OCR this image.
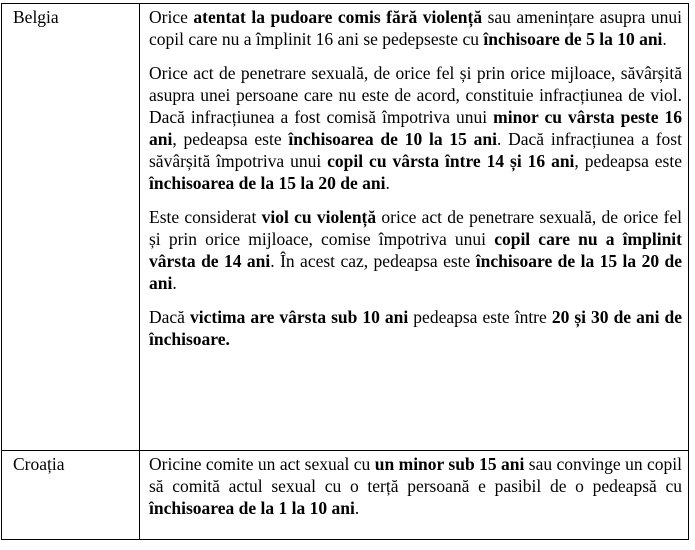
Belgia	Orice atentat la pudoare comis fără violență sau amenințare asupra unui copil care nu a împlinit 16 ani se pedepseste cu închisoare de 5 la 10 ani.

Orice act de penetrare sexuală, de orice fel și prin orice mijloace, săvârșită asupra unei persoane care nu este de acord, constituie infracțiunea de viol. Dacă infracțiunea a fost comisă împotriva unui minor cu vârsta peste 16 ani, pedeapsa este închisoarea de 10 la 15 ani. Dacă infracțiunea a fost săvârșită împotriva unui copil cu vârsta între 14 și 16 ani, pedeapsa este închisoarea de la 15 la 20 de ani.

Este considerat viol cu violență orice act de penetrare sexuală, de orice fel și prin orice mijloace, comise împotriva unui copil care nu a împlinit vârsta de 14 ani. În acest caz, pedeapsa este închisoare de la 15 la 20 de ani.

Dacă victima are vârsta sub 10 ani pedeapsa este între 20 și 30 de ani de închisoare.

Croația	Oricine comite un act sexual cu un minor sub 15 ani sau convinge un copil să comită actul sexual cu o terță persoană e pasibil de o pedeapsă cu închisoarea de la 1 la 10 ani.
